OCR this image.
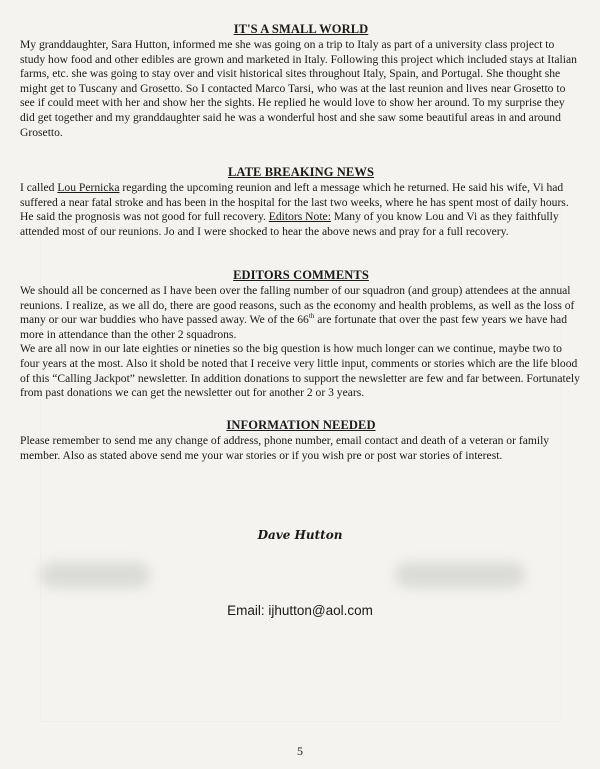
IT'S A SMALL WORLD

My granddaughter, Sara Hutton, informed me she was going on a trip to Italy as part of a university class project to study how food and other edibles are grown and marketed in Italy. Following this project which included stays at Italian farms, etc. she was going to stay over and visit historical sites throughout Italy, Spain, and Portugal. She thought she might get to Tuscany and Grosetto. So I contacted Marco Tarsi, who was at the last reunion and lives near Grosetto to see if could meet with her and show her the sights. He replied he would love to show her around. To my surprise they did get together and my granddaughter said he was a wonderful host and she saw some beautiful areas in and around Grosetto.

LATE BREAKING NEWS

I called Lou Pernicka regarding the upcoming reunion and left a message which he returned. He said his wife, Vi had suffered a near fatal stroke and has been in the hospital for the last two weeks, where he has spent most of daily hours. He said the prognosis was not good for full recovery. Editors Note: Many of you know Lou and Vi as they faithfully attended most of our reunions. Jo and I were shocked to hear the above news and pray for a full recovery.

EDITORS COMMENTS

We should all be concerned as I have been over the falling number of our squadron (and group) attendees at the annual reunions. I realize, as we all do, there are good reasons, such as the economy and health problems, as well as the loss of many or our war buddies who have passed away. We of the 66th are fortunate that over the past few years we have had more in attendance than the other 2 squadrons.

We are all now in our late eighties or nineties so the big question is how much longer can we continue, maybe two to four years at the most. Also it shold be noted that I receive very little input, comments or stories which are the life blood of this “Calling Jackpot” newsletter. In addition donations to support the newsletter are few and far between. Fortunately from past donations we can get the newsletter out for another 2 or 3 years.

INFORMATION NEEDED

Please remember to send me any change of address, phone number, email contact and death of a veteran or family member. Also as stated above send me your war stories or if you wish pre or post war stories of interest.

Dave Hutton
Email: ijhutton@aol.com
5
